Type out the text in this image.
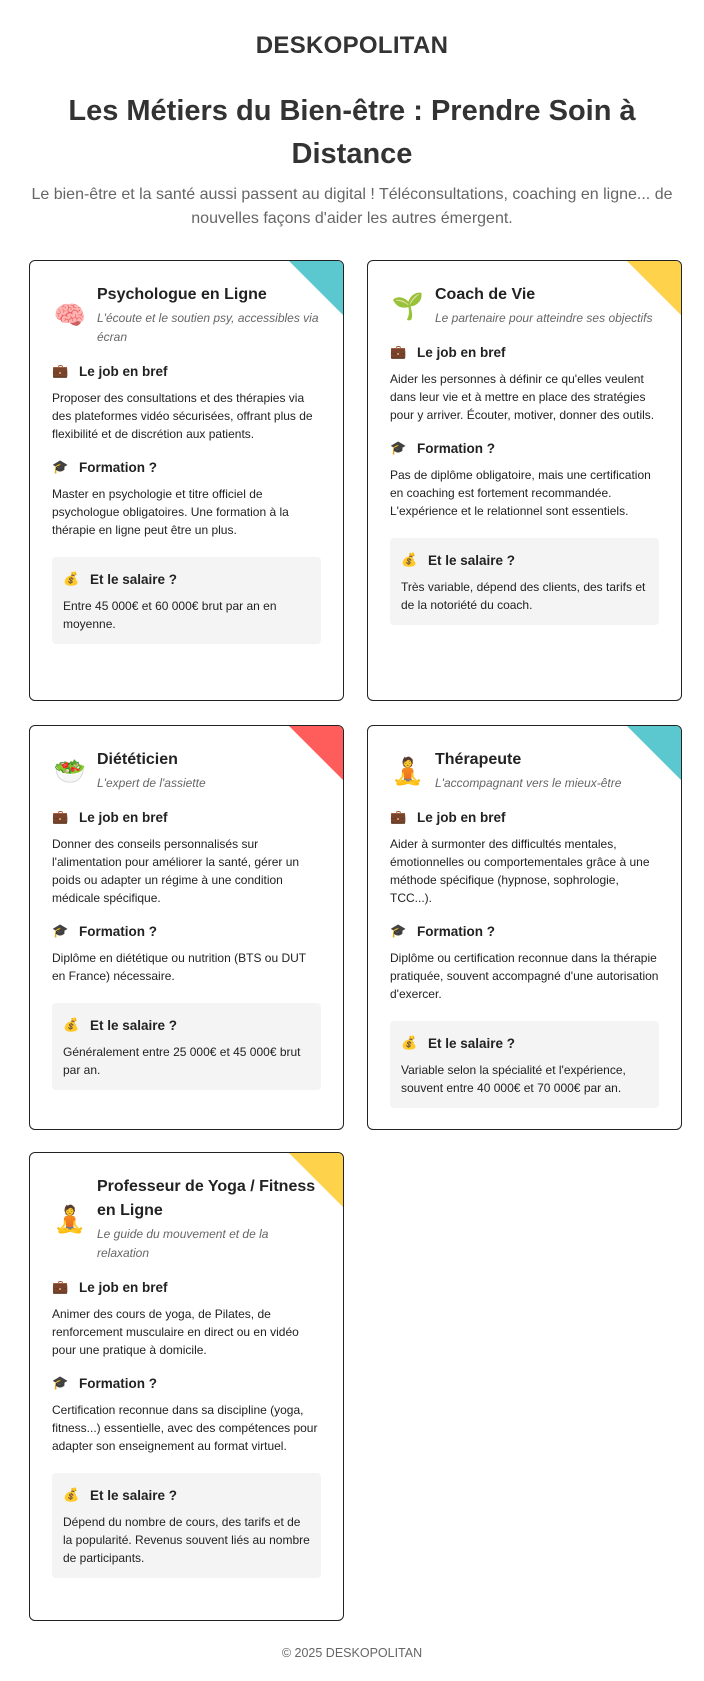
DESKOPOLITAN
Les Métiers du Bien-être : Prendre Soin à Distance

Le bien-être et la santé aussi passent au digital ! Téléconsultations, coaching en ligne... de nouvelles façons d'aider les autres émergent.

🧠
Psychologue en Ligne
L'écoute et le soutien psy, accessibles via écran
💼 Le job en bref

Proposer des consultations et des thérapies via des plateformes vidéo sécurisées, offrant plus de flexibilité et de discrétion aux patients.

🎓 Formation ?

Master en psychologie et titre officiel de psychologue obligatoires. Une formation à la thérapie en ligne peut être un plus.

💰 Et le salaire ?

Entre 45 000€ et 60 000€ brut par an en moyenne.

🌱 Coach de Vie
Le partenaire pour atteindre ses objectifs
💼 Le job en bref

Aider les personnes à définir ce qu'elles veulent dans leur vie et à mettre en place des stratégies pour y arriver. Écouter, motiver, donner des outils.

🎓 Formation ?

Pas de diplôme obligatoire, mais une certification en coaching est fortement recommandée. L'expérience et le relationnel sont essentiels.

💰 Et le salaire ?

Très variable, dépend des clients, des tarifs et de la notoriété du coach.

🥗 Diététicien
L'expert de l'assiette
💼 Le job en bref

Donner des conseils personnalisés sur l'alimentation pour améliorer la santé, gérer un poids ou adapter un régime à une condition médicale spécifique.

🎓 Formation ?

Diplôme en diététique ou nutrition (BTS ou DUT en France) nécessaire.

💰 Et le salaire ?

Généralement entre 25 000€ et 45 000€ brut par an.

🧘 Thérapeute
L'accompagnant vers le mieux-être
💼 Le job en bref

Aider à surmonter des difficultés mentales, émotionnelles ou comportementales grâce à une méthode spécifique (hypnose, sophrologie, TCC...).

🎓 Formation ?

Diplôme ou certification reconnue dans la thérapie pratiquée, souvent accompagné d'une autorisation d'exercer.

💰 Et le salaire ?

Variable selon la spécialité et l'expérience, souvent entre 40 000€ et 70 000€ par an.

🧘
Professeur de Yoga / Fitness en Ligne
Le guide du mouvement et de la relaxation
💼 Le job en bref

Animer des cours de yoga, de Pilates, de renforcement musculaire en direct ou en vidéo pour une pratique à domicile.

🎓 Formation ?

Certification reconnue dans sa discipline (yoga, fitness...) essentielle, avec des compétences pour adapter son enseignement au format virtuel.

💰 Et le salaire ?

Dépend du nombre de cours, des tarifs et de la popularité. Revenus souvent liés au nombre de participants.

© 2025 DESKOPOLITAN
